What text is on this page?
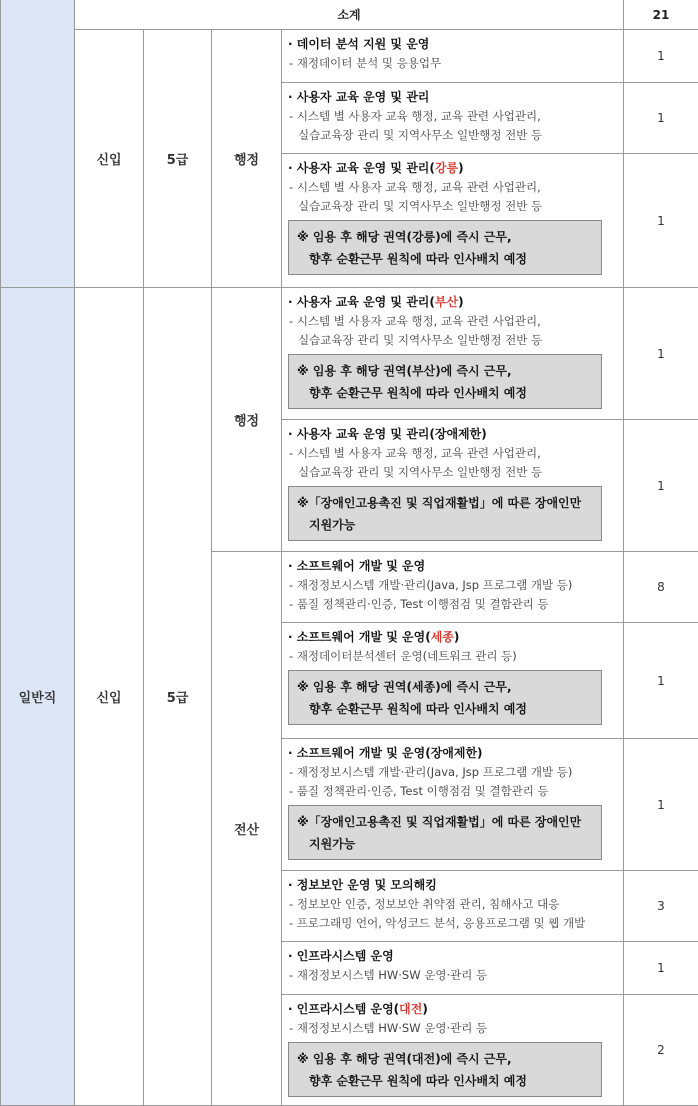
	소계				21
	신입	5급	행정	· 데이터 분석 지원 및 운영
- 재정데이터 분석 및 응용업무	1

				· 사용자 교육 운영 및 관리
- 시스템 별 사용자 교육 행정, 교육 관련 사업관리,
실습교육장 관리 및 지역사무소 일반행정 전반 등	1

				· 사용자 교육 운영 및 관리(강릉)
- 시스템 별 사용자 교육 행정, 교육 관련 사업관리,
실습교육장 관리 및 지역사무소 일반행정 전반 등
※ 임용 후 해당 권역(강릉)에 즉시 근무,
향후 순환근무 원칙에 따라 인사배치 예정	1
일반직	신입	5급	행정	· 사용자 교육 운영 및 관리(부산)
- 시스템 별 사용자 교육 행정, 교육 관련 사업관리,
실습교육장 관리 및 지역사무소 일반행정 전반 등
※ 임용 후 해당 권역(부산)에 즉시 근무,
향후 순환근무 원칙에 따라 인사배치 예정	1

				· 사용자 교육 운영 및 관리(장애제한)
- 시스템 별 사용자 교육 행정, 교육 관련 사업관리,
실습교육장 관리 및 지역사무소 일반행정 전반 등
※「장애인고용촉진 및 직업재활법」에 따른 장애인만
지원가능	1
			전산	· 소프트웨어 개발 및 운영
- 재정정보시스템 개발·관리(Java, Jsp 프로그램 개발 등)
- 품질 정책관리·인증, Test 이행점검 및 결함관리 등	8

				· 소프트웨어 개발 및 운영(세종)
- 재정데이터분석센터 운영(네트워크 관리 등)
※ 임용 후 해당 권역(세종)에 즉시 근무,
향후 순환근무 원칙에 따라 인사배치 예정	1

				· 소프트웨어 개발 및 운영(장애제한)
- 재정정보시스템 개발·관리(Java, Jsp 프로그램 개발 등)
- 품질 정책관리·인증, Test 이행점검 및 결함관리 등
※「장애인고용촉진 및 직업재활법」에 따른 장애인만
지원가능	1

				· 정보보안 운영 및 모의해킹
- 정보보안 인증, 정보보안 취약점 관리, 침해사고 대응
- 프로그래밍 언어, 악성코드 분석, 응용프로그램 및 웹 개발	3

				· 인프라시스템 운영
- 재정정보시스템 HW·SW 운영·관리 등	1

				· 인프라시스템 운영(대전)
- 재정정보시스템 HW·SW 운영·관리 등
※ 임용 후 해당 권역(대전)에 즉시 근무,
향후 순환근무 원칙에 따라 인사배치 예정	2
